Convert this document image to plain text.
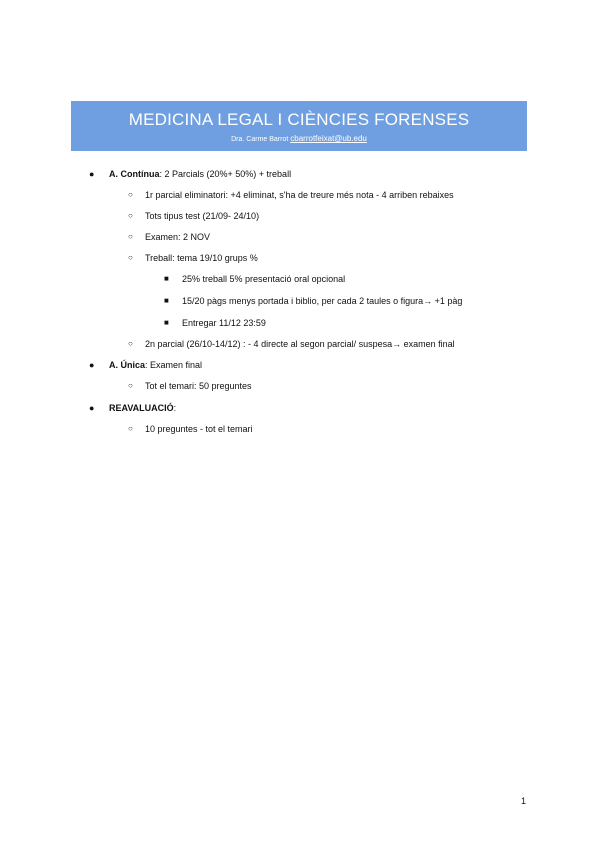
MEDICINA LEGAL I CIÈNCIES FORENSES
Dra. Carme Barrot cbarrotfeixat@ub.edu
● A. Contínua: 2 Parcials (20%+ 50%) + treball
○ 1r parcial eliminatori: +4 eliminat, s'ha de treure més nota - 4 arriben rebaixes
○ Tots tipus test (21/09- 24/10)
○ Examen: 2 NOV
○ Treball: tema 19/10 grups %
■ 25% treball 5% presentació oral opcional
■ 15/20 pàgs menys portada i biblio, per cada 2 taules o figura→ +1 pàg
■ Entregar 11/12 23:59
○ 2n parcial (26/10-14/12) : - 4 directe al segon parcial/ suspesa→ examen final
● A. Única: Examen final
○ Tot el temari: 50 preguntes
● REAVALUACIÓ:
○ 10 preguntes - tot el temari
1
